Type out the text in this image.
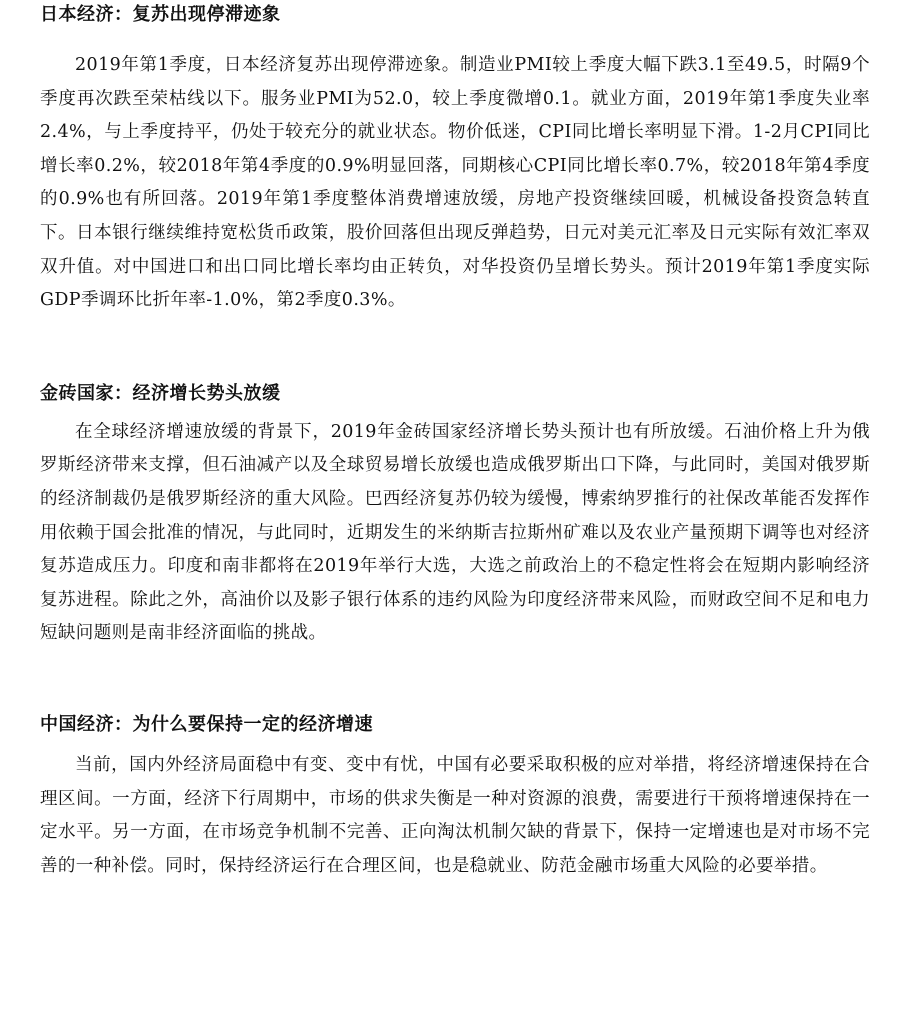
日本经济：复苏出现停滞迹象

2019年第1季度，日本经济复苏出现停滞迹象。制造业PMI较上季度大幅下跌3.1至49.5，时隔9个季度再次跌至荣枯线以下。服务业PMI为52.0，较上季度微增0.1。就业方面，2019年第1季度失业率2.4%，与上季度持平，仍处于较充分的就业状态。物价低迷，CPI同比增长率明显下滑。1-2月CPI同比增长率0.2%，较2018年第4季度的0.9%明显回落，同期核心CPI同比增长率0.7%，较2018年第4季度的0.9%也有所回落。2019年第1季度整体消费增速放缓，房地产投资继续回暖，机械设备投资急转直下。日本银行继续维持宽松货币政策，股价回落但出现反弹趋势，日元对美元汇率及日元实际有效汇率双双升值。对中国进口和出口同比增长率均由正转负，对华投资仍呈增长势头。预计2019年第1季度实际GDP季调环比折年率-1.0%，第2季度0.3%。

金砖国家：经济增长势头放缓

在全球经济增速放缓的背景下，2019年金砖国家经济增长势头预计也有所放缓。石油价格上升为俄罗斯经济带来支撑，但石油减产以及全球贸易增长放缓也造成俄罗斯出口下降，与此同时，美国对俄罗斯的经济制裁仍是俄罗斯经济的重大风险。巴西经济复苏仍较为缓慢，博索纳罗推行的社保改革能否发挥作用依赖于国会批准的情况，与此同时，近期发生的米纳斯吉拉斯州矿难以及农业产量预期下调等也对经济复苏造成压力。印度和南非都将在2019年举行大选，大选之前政治上的不稳定性将会在短期内影响经济复苏进程。除此之外，高油价以及影子银行体系的违约风险为印度经济带来风险，而财政空间不足和电力短缺问题则是南非经济面临的挑战。

中国经济：为什么要保持一定的经济增速

当前，国内外经济局面稳中有变、变中有忧，中国有必要采取积极的应对举措，将经济增速保持在合理区间。一方面，经济下行周期中，市场的供求失衡是一种对资源的浪费，需要进行干预将增速保持在一定水平。另一方面，在市场竞争机制不完善、正向淘汰机制欠缺的背景下，保持一定增速也是对市场不完善的一种补偿。同时，保持经济运行在合理区间，也是稳就业、防范金融市场重大风险的必要举措。
